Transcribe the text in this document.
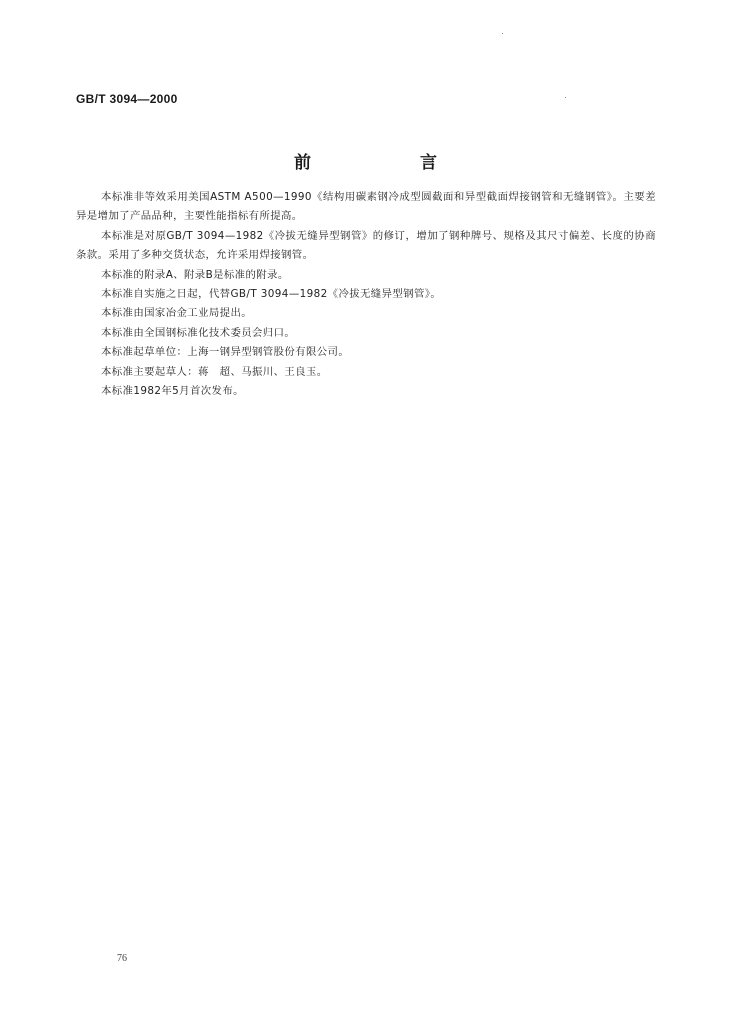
GB/T 3094—2000
前　言

本标准非等效采用美国ASTM A500—1990《结构用碳素钢冷成型圆截面和异型截面焊接钢管和无缝钢管》。主要差异是增加了产品品种，主要性能指标有所提高。

本标准是对原GB/T 3094—1982《冷拔无缝异型钢管》的修订，增加了钢种牌号、规格及其尺寸偏差、长度的协商条款。采用了多种交货状态，允许采用焊接钢管。

本标准的附录A、附录B是标准的附录。

本标准自实施之日起，代替GB/T 3094—1982《冷拔无缝异型钢管》。

本标准由国家冶金工业局提出。

本标准由全国钢标准化技术委员会归口。

本标准起草单位：上海一钢异型钢管股份有限公司。

本标准主要起草人：蒋　超、马振川、王良玉。

本标准1982年5月首次发布。

76
